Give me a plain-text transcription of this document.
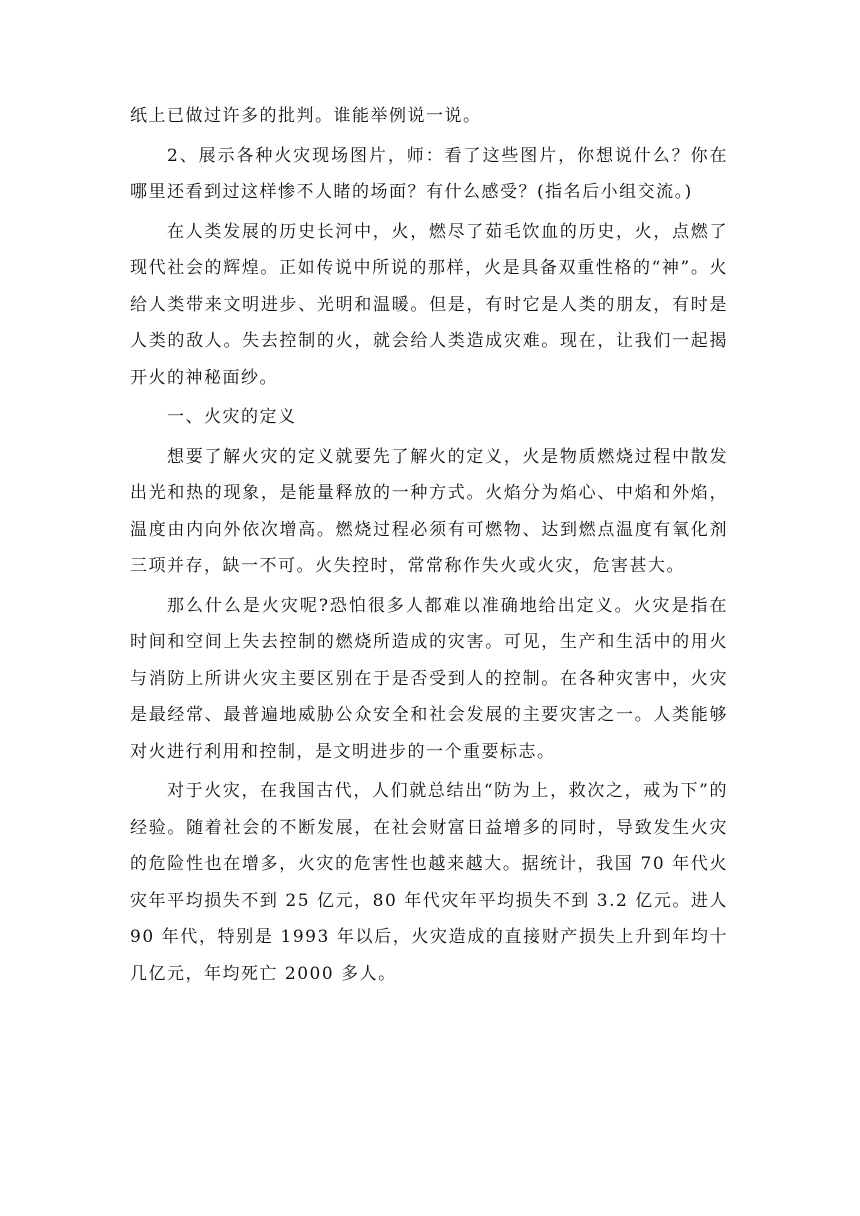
纸上已做过许多的批判。谁能举例说一说。

2、展示各种火灾现场图片，师：看了这些图片，你想说什么？你在哪里还看到过这样惨不人睹的场面？有什么感受？(指名后小组交流。)

在人类发展的历史长河中，火，燃尽了茹毛饮血的历史，火，点燃了现代社会的辉煌。正如传说中所说的那样，火是具备双重性格的“神”。火给人类带来文明进步、光明和温暖。但是，有时它是人类的朋友，有时是人类的敌人。失去控制的火，就会给人类造成灾难。现在，让我们一起揭开火的神秘面纱。

一、火灾的定义

想要了解火灾的定义就要先了解火的定义，火是物质燃烧过程中散发出光和热的现象，是能量释放的一种方式。火焰分为焰心、中焰和外焰，温度由内向外依次增高。燃烧过程必须有可燃物、达到燃点温度有氧化剂三项并存，缺一不可。火失控时，常常称作失火或火灾，危害甚大。

那么什么是火灾呢?恐怕很多人都难以准确地给出定义。火灾是指在时间和空间上失去控制的燃烧所造成的灾害。可见，生产和生活中的用火与消防上所讲火灾主要区别在于是否受到人的控制。在各种灾害中，火灾是最经常、最普遍地威胁公众安全和社会发展的主要灾害之一。人类能够对火进行利用和控制，是文明进步的一个重要标志。

对于火灾，在我国古代，人们就总结出“防为上，救次之，戒为下”的经验。随着社会的不断发展，在社会财富日益增多的同时，导致发生火灾的危险性也在增多，火灾的危害性也越来越大。据统计，我国 70 年代火灾年平均损失不到 25 亿元，80 年代灾年平均损失不到 3.2 亿元。进人 90 年代，特别是 1993 年以后，火灾造成的直接财产损失上升到年均十几亿元，年均死亡 2000 多人。
